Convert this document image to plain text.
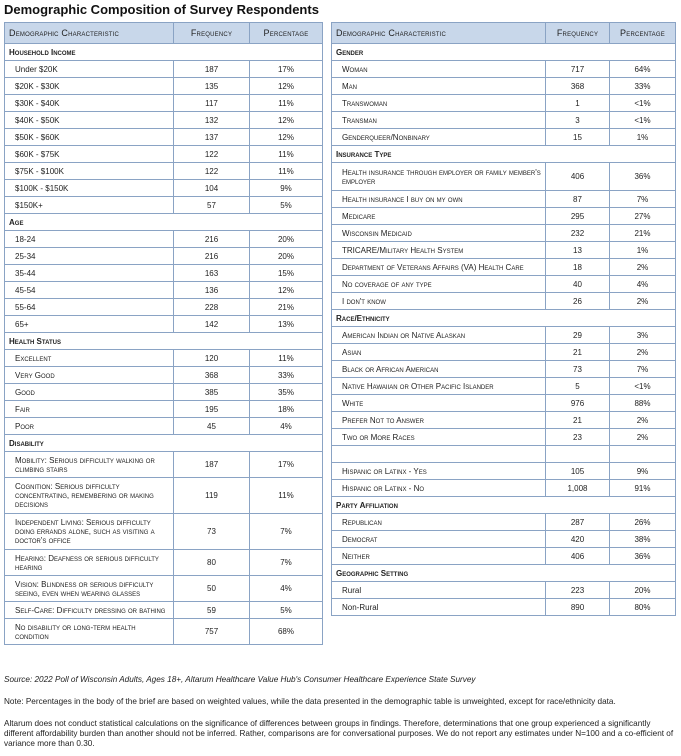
Demographic Composition of Survey Respondents
Demographic Characteristic	Frequency	Percentage
Household Income		
Under $20K	187	17%
$20K - $30K	135	12%
$30K - $40K	117	11%
$40K - $50K	132	12%
$50K - $60K	137	12%
$60K - $75K	122	11%
$75K - $100K	122	11%
$100K - $150K	104	9%
$150K+	57	5%
Age		
18-24	216	20%
25-34	216	20%
35-44	163	15%
45-54	136	12%
55-64	228	21%
65+	142	13%
Health Status		
Excellent	120	11%
Very Good	368	33%
Good	385	35%
Fair	195	18%
Poor	45	4%
Disability		
Mobility: Serious difficulty walking or climbing stairs	187	17%
Cognition: Serious difficulty concentrating, remembering or making decisions	119	11%
Independent Living: Serious difficulty doing errands alone, such as visiting a doctor's office	73	7%
Hearing: Deafness or serious difficulty hearing	80	7%
Vision: Blindness or serious difficulty seeing, even when wearing glasses	50	4%
Self-Care: Difficulty dressing or bathing	59	5%
No disability or long-term health condition	757	68%
Demographic Characteristic	Frequency	Percentage
Gender		
Woman	717	64%
Man	368	33%
Transwoman	1	<1%
Transman	3	<1%
Genderqueer/Nonbinary	15	1%
Insurance Type		
Health insurance through employer or family member's employer	406	36%
Health insurance I buy on my own	87	7%
Medicare	295	27%
Wisconsin Medicaid	232	21%
TRICARE/Military Health System	13	1%
Department of Veterans Affairs (VA) Health Care	18	2%
No coverage of any type	40	4%
I don't know	26	2%
Race/Ethnicity		
American Indian or Native Alaskan	29	3%
Asian	21	2%
Black or African American	73	7%
Native Hawaiian or Other Pacific Islander	5	<1%
White	976	88%
Prefer Not to Answer	21	2%
Two or More Races	23	2%

Hispanic or Latinx - Yes	105	9%
Hispanic or Latinx - No	1,008	91%
Party Affiliation		
Republican	287	26%
Democrat	420	38%
Neither	406	36%
Geographic Setting		
Rural	223	20%
Non-Rural	890	80%
Source: 2022 Poll of Wisconsin Adults, Ages 18+, Altarum Healthcare Value Hub's Consumer Healthcare Experience State Survey
Note: Percentages in the body of the brief are based on weighted values, while the data presented in the demographic table is unweighted, except for race/ethnicity data.
Altarum does not conduct statistical calculations on the significance of differences between groups in findings. Therefore, determinations that one group experienced a significantly different affordability burden than another should not be inferred. Rather, comparisons are for conversational purposes. We do not report any estimates under N=100 and a co-efficient of variance more than 0.30.
